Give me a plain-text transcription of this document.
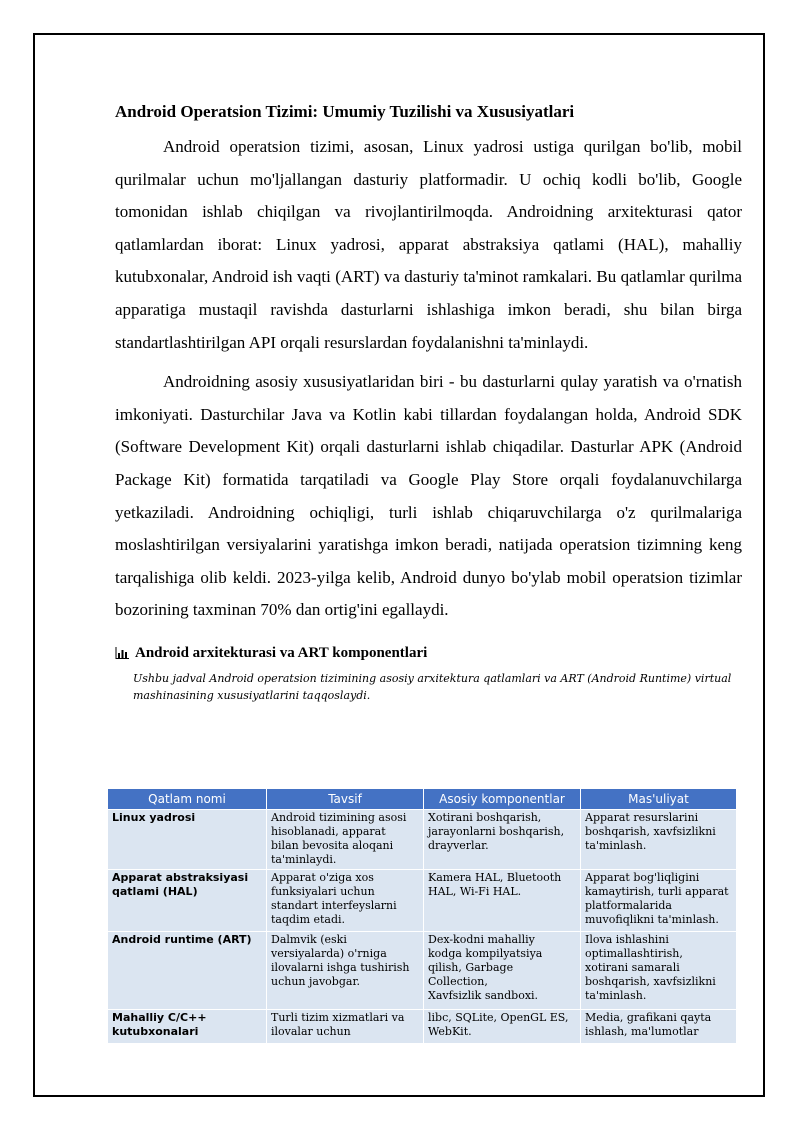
Android Operatsion Tizimi: Umumiy Tuzilishi va Xususiyatlari

Android operatsion tizimi, asosan, Linux yadrosi ustiga qurilgan bo'lib, mobil qurilmalar uchun mo'ljallangan dasturiy platformadir. U ochiq kodli bo'lib, Google tomonidan ishlab chiqilgan va rivojlantirilmoqda. Androidning arxitekturasi qator qatlamlardan iborat: Linux yadrosi, apparat abstraksiya qatlami (HAL), mahalliy kutubxonalar, Android ish vaqti (ART) va dasturiy ta'minot ramkalari. Bu qatlamlar qurilma apparatiga mustaqil ravishda dasturlarni ishlashiga imkon beradi, shu bilan birga standartlashtirilgan API orqali resurslardan foydalanishni ta'minlaydi.

Androidning asosiy xususiyatlaridan biri - bu dasturlarni qulay yaratish va o'rnatish imkoniyati. Dasturchilar Java va Kotlin kabi tillardan foydalangan holda, Android SDK (Software Development Kit) orqali dasturlarni ishlab chiqadilar. Dasturlar APK (Android Package Kit) formatida tarqatiladi va Google Play Store orqali foydalanuvchilarga yetkaziladi. Androidning ochiqligi, turli ishlab chiqaruvchilarga o'z qurilmalariga moslashtirilgan versiyalarini yaratishga imkon beradi, natijada operatsion tizimning keng tarqalishiga olib keldi. 2023-yilga kelib, Android dunyo bo'ylab mobil operatsion tizimlar bozorining taxminan 70% dan ortig'ini egallaydi.

Android arxitekturasi va ART komponentlari
Ushbu jadval Android operatsion tizimining asosiy arxitektura qatlamlari va ART (Android Runtime) virtual mashinasining xususiyatlarini taqqoslaydi.
Qatlam nomi	Tavsif	Asosiy komponentlar	Mas'uliyat

Linux yadrosi	Android tizimining asosi
hisoblanadi, apparat
bilan bevosita aloqani
ta'minlaydi.	Xotirani boshqarish,
jarayonlarni boshqarish,
drayverlar.	Apparat resurslarini
boshqarish, xavfsizlikni
ta'minlash.

Apparat abstraksiyasi
qatlami (HAL)	Apparat o'ziga xos
funksiyalari uchun
standart interfeyslarni
taqdim etadi.	Kamera HAL, Bluetooth
HAL, Wi-Fi HAL.	Apparat bog'liqligini
kamaytirish, turli apparat
platformalarida
muvofiqlikni ta'minlash.

Android runtime (ART)	Dalmvik (eski
versiyalarda) o'rniga
ilovalarni ishga tushirish
uchun javobgar.	Dex-kodni mahalliy
kodga kompilyatsiya
qilish, Garbage Collection,
Xavfsizlik sandboxi.	Ilova ishlashini
optimallashtirish,
xotirani samarali
boshqarish, xavfsizlikni
ta'minlash.

Mahalliy C/C++
kutubxonalari	Turli tizim xizmatlari va
ilovalar uchun	libc, SQLite, OpenGL ES,
WebKit.	Media, grafikani qayta
ishlash, ma'lumotlar
